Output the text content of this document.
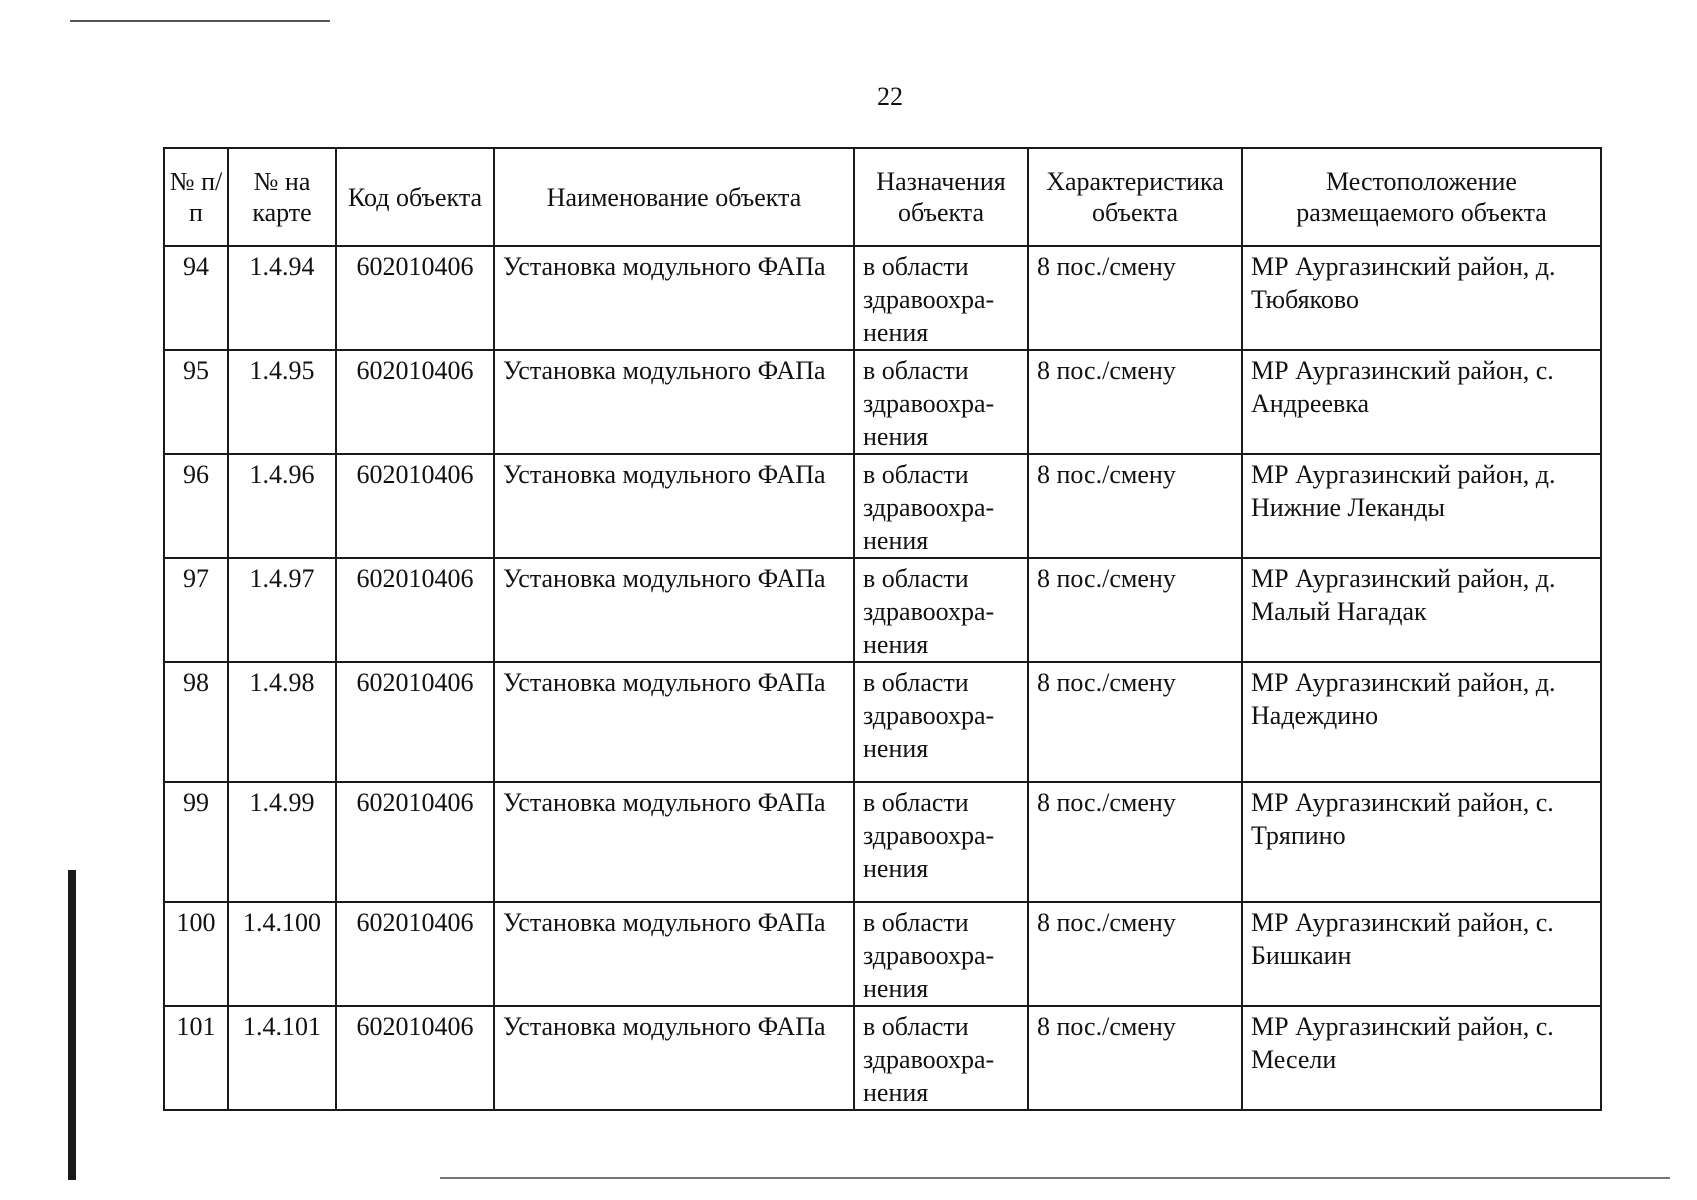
22
№ п/п	№ на карте	Код объекта	Наименование объекта	Назначения объекта	Характеристика объекта	Местоположение размещаемого объекта
94	1.4.94	602010406	Установка модульного ФАПа	в области здравоохра-нения	8 пос./смену	МР Аургазинский район, д. Тюбяково
95	1.4.95	602010406	Установка модульного ФАПа	в области здравоохра-нения	8 пос./смену	МР Аургазинский район, с. Андреевка
96	1.4.96	602010406	Установка модульного ФАПа	в области здравоохра-нения	8 пос./смену	МР Аургазинский район, д. Нижние Леканды
97	1.4.97	602010406	Установка модульного ФАПа	в области здравоохра-нения	8 пос./смену	МР Аургазинский район, д. Малый Нагадак
98	1.4.98	602010406	Установка модульного ФАПа	в области здравоохра-нения	8 пос./смену	МР Аургазинский район, д. Надеждино
99	1.4.99	602010406	Установка модульного ФАПа	в области здравоохра-нения	8 пос./смену	МР Аургазинский район, с. Тряпино
100	1.4.100	602010406	Установка модульного ФАПа	в области здравоохра-нения	8 пос./смену	МР Аургазинский район, с. Бишкаин
101	1.4.101	602010406	Установка модульного ФАПа	в области здравоохра-нения	8 пос./смену	МР Аургазинский район, с. Месели
